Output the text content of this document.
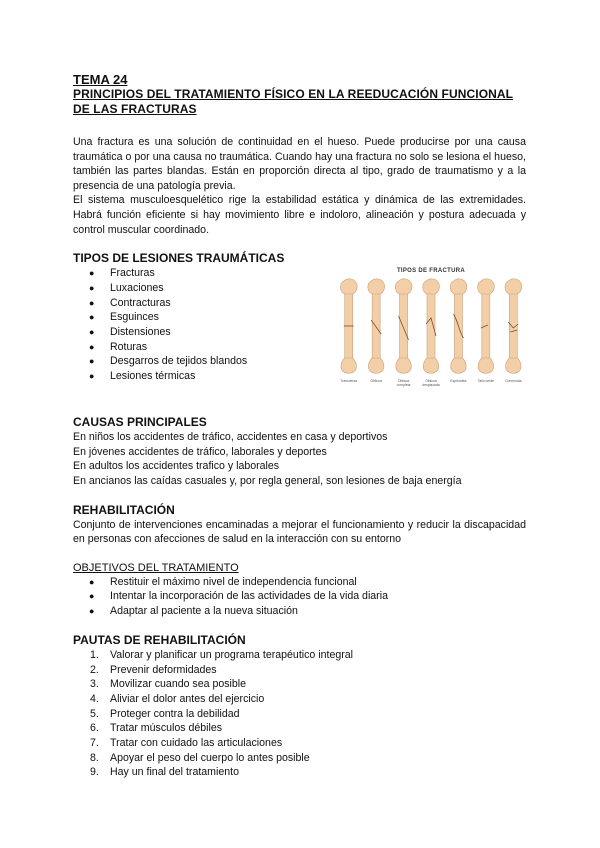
TEMA 24
PRINCIPIOS DEL TRATAMIENTO FÍSICO EN LA REEDUCACIÓN FUNCIONAL
DE LAS FRACTURAS

Una fractura es una solución de continuidad en el hueso. Puede producirse por una causa traumática o por una causa no traumática. Cuando hay una fractura no solo se lesiona el hueso, también las partes blandas. Están en proporción directa al tipo, grado de traumatismo y a la presencia de una patología previa.

El sistema musculoesquelético rige la estabilidad estática y dinámica de las extremidades. Habrá función eficiente si hay movimiento libre e indoloro, alineación y postura adecuada y control muscular coordinado.

TIPOS DE LESIONES TRAUMÁTICAS
● Fracturas
● Luxaciones
● Contracturas
● Esguinces
● Distensiones
● Roturas
● Desgarros de tejidos blandos
● Lesiones térmicas
TIPOS DE FRACTURA
Transversa	Oblicua	Oblicua completa
Oblicua desplazada
Espiroidea	Tallo verde	Conminuta
CAUSAS PRINCIPALES

En niños los accidentes de tráfico, accidentes en casa y deportivos

En jóvenes accidentes de tráfico, laborales y deportes

En adultos los accidentes trafico y laborales

En ancianos las caídas casuales y, por regla general, son lesiones de baja energía

REHABILITACIÓN

Conjunto de intervenciones encaminadas a mejorar el funcionamiento y reducir la discapacidad en personas con afecciones de salud en la interacción con su entorno

OBJETIVOS DEL TRATAMIENTO
● Restituir el máximo nivel de independencia funcional
● Intentar la incorporación de las actividades de la vida diaria
● Adaptar al paciente a la nueva situación
PAUTAS DE REHABILITACIÓN
1. Valorar y planificar un programa terapéutico integral
2. Prevenir deformidades
3. Movilizar cuando sea posible
4. Aliviar el dolor antes del ejercicio
5. Proteger contra la debilidad
6. Tratar músculos débiles
7. Tratar con cuidado las articulaciones
8. Apoyar el peso del cuerpo lo antes posible
9. Hay un final del tratamiento
